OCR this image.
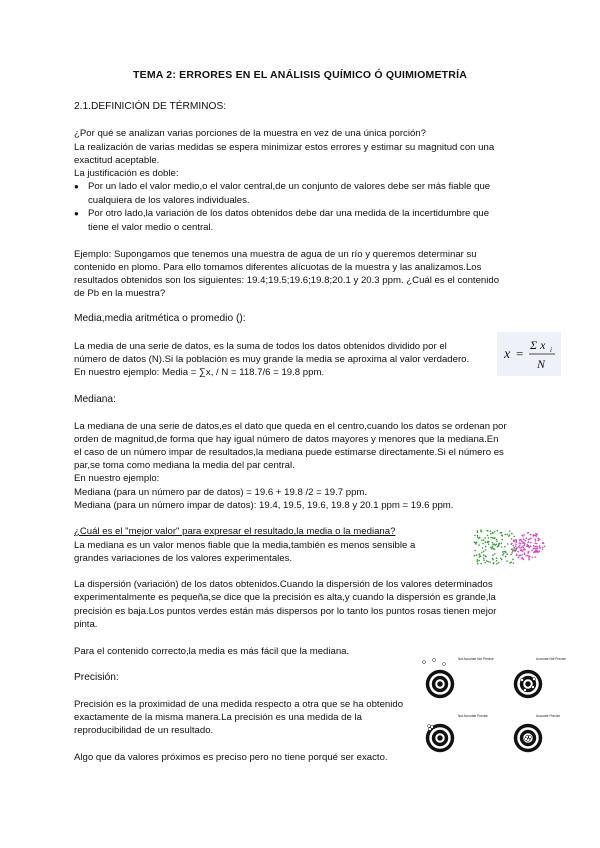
TEMA 2: ERRORES EN EL ANÁLISIS QUÍMICO Ó QUIMIOMETRÍA

2.1.DEFINICIÓN DE TÉRMINOS:

¿Por qué se analizan varias porciones de la muestra en vez de una única porción?

La realización de varias medidas se espera minimizar estos errores y estimar su magnitud con una

exactitud aceptable.

La justificación es doble:

● Por un lado el valor medio,o el valor central,de un conjunto de valores debe ser más fiable que
cualquiera de los valores individuales.
● Por otro lado,la variación de los datos obtenidos debe dar una medida de la incertidumbre que
tiene el valor medio o central.

Ejemplo: Supongamos que tenemos una muestra de agua de un río y queremos determinar su

contenido en plomo. Para ello tomamos diferentes alícuotas de la muestra y las analizamos.Los

resultados obtenidos son los siguientes: 19.4;19.5;19.6;19.8;20.1 y 20.3 ppm. ¿Cuál es el contenido

de Pb en la muestra?

Media,media aritmética o promedio ():

La media de una serie de datos, es la suma de todos los datos obtenidos dividido por el

número de datos (N).Si la población es muy grande la media se aproxima al valor verdadero.

En nuestro ejemplo: Media = ∑x, / N = 118.7/6 = 19.8 ppm.

x =
Σ x i
N

Mediana:

La mediana de una serie de datos,es el dato que queda en el centro,cuando los datos se ordenan por

orden de magnitud,de forma que hay igual número de datos mayores y menores que la mediana.En

el caso de un número impar de resultados,la mediana puede estimarse directamente.Si el número es

par,se toma como mediana la media del par central.

En nuestro ejemplo:

Mediana (para un número par de datos) = 19.6 + 19.8 /2 = 19.7 ppm.

Mediana (para un número impar de datos): 19.4, 19.5, 19.6, 19.8 y 20.1 ppm = 19.6 ppm.

¿Cuál es el "mejor valor" para expresar el resultado,la media o la mediana?

La mediana es un valor menos fiable que la media,también es menos sensible a

grandes variaciones de los valores experimentales.

La dispersión (variación) de los datos obtenidos.Cuando la dispersión de los valores determinados

experimentalmente es pequeña,se dice que la precisión es alta,y cuando la dispersión es grande,la

precisión es baja.Los puntos verdes están más dispersos por lo tanto los puntos rosas tienen mejor

pinta.

Para el contenido correcto,la media es más fácil que la mediana.

Precisión:

Precisión es la proximidad de una medida respecto a otra que se ha obtenido

exactamente de la misma manera.La precisión es una medida de la

reproducibilidad de un resultado.

Algo que da valores próximos es preciso pero no tiene porqué ser exacto.

Not Accurate Not Precise	Accurate Not Precise
Not Accurate Precise	Accurate Precise
